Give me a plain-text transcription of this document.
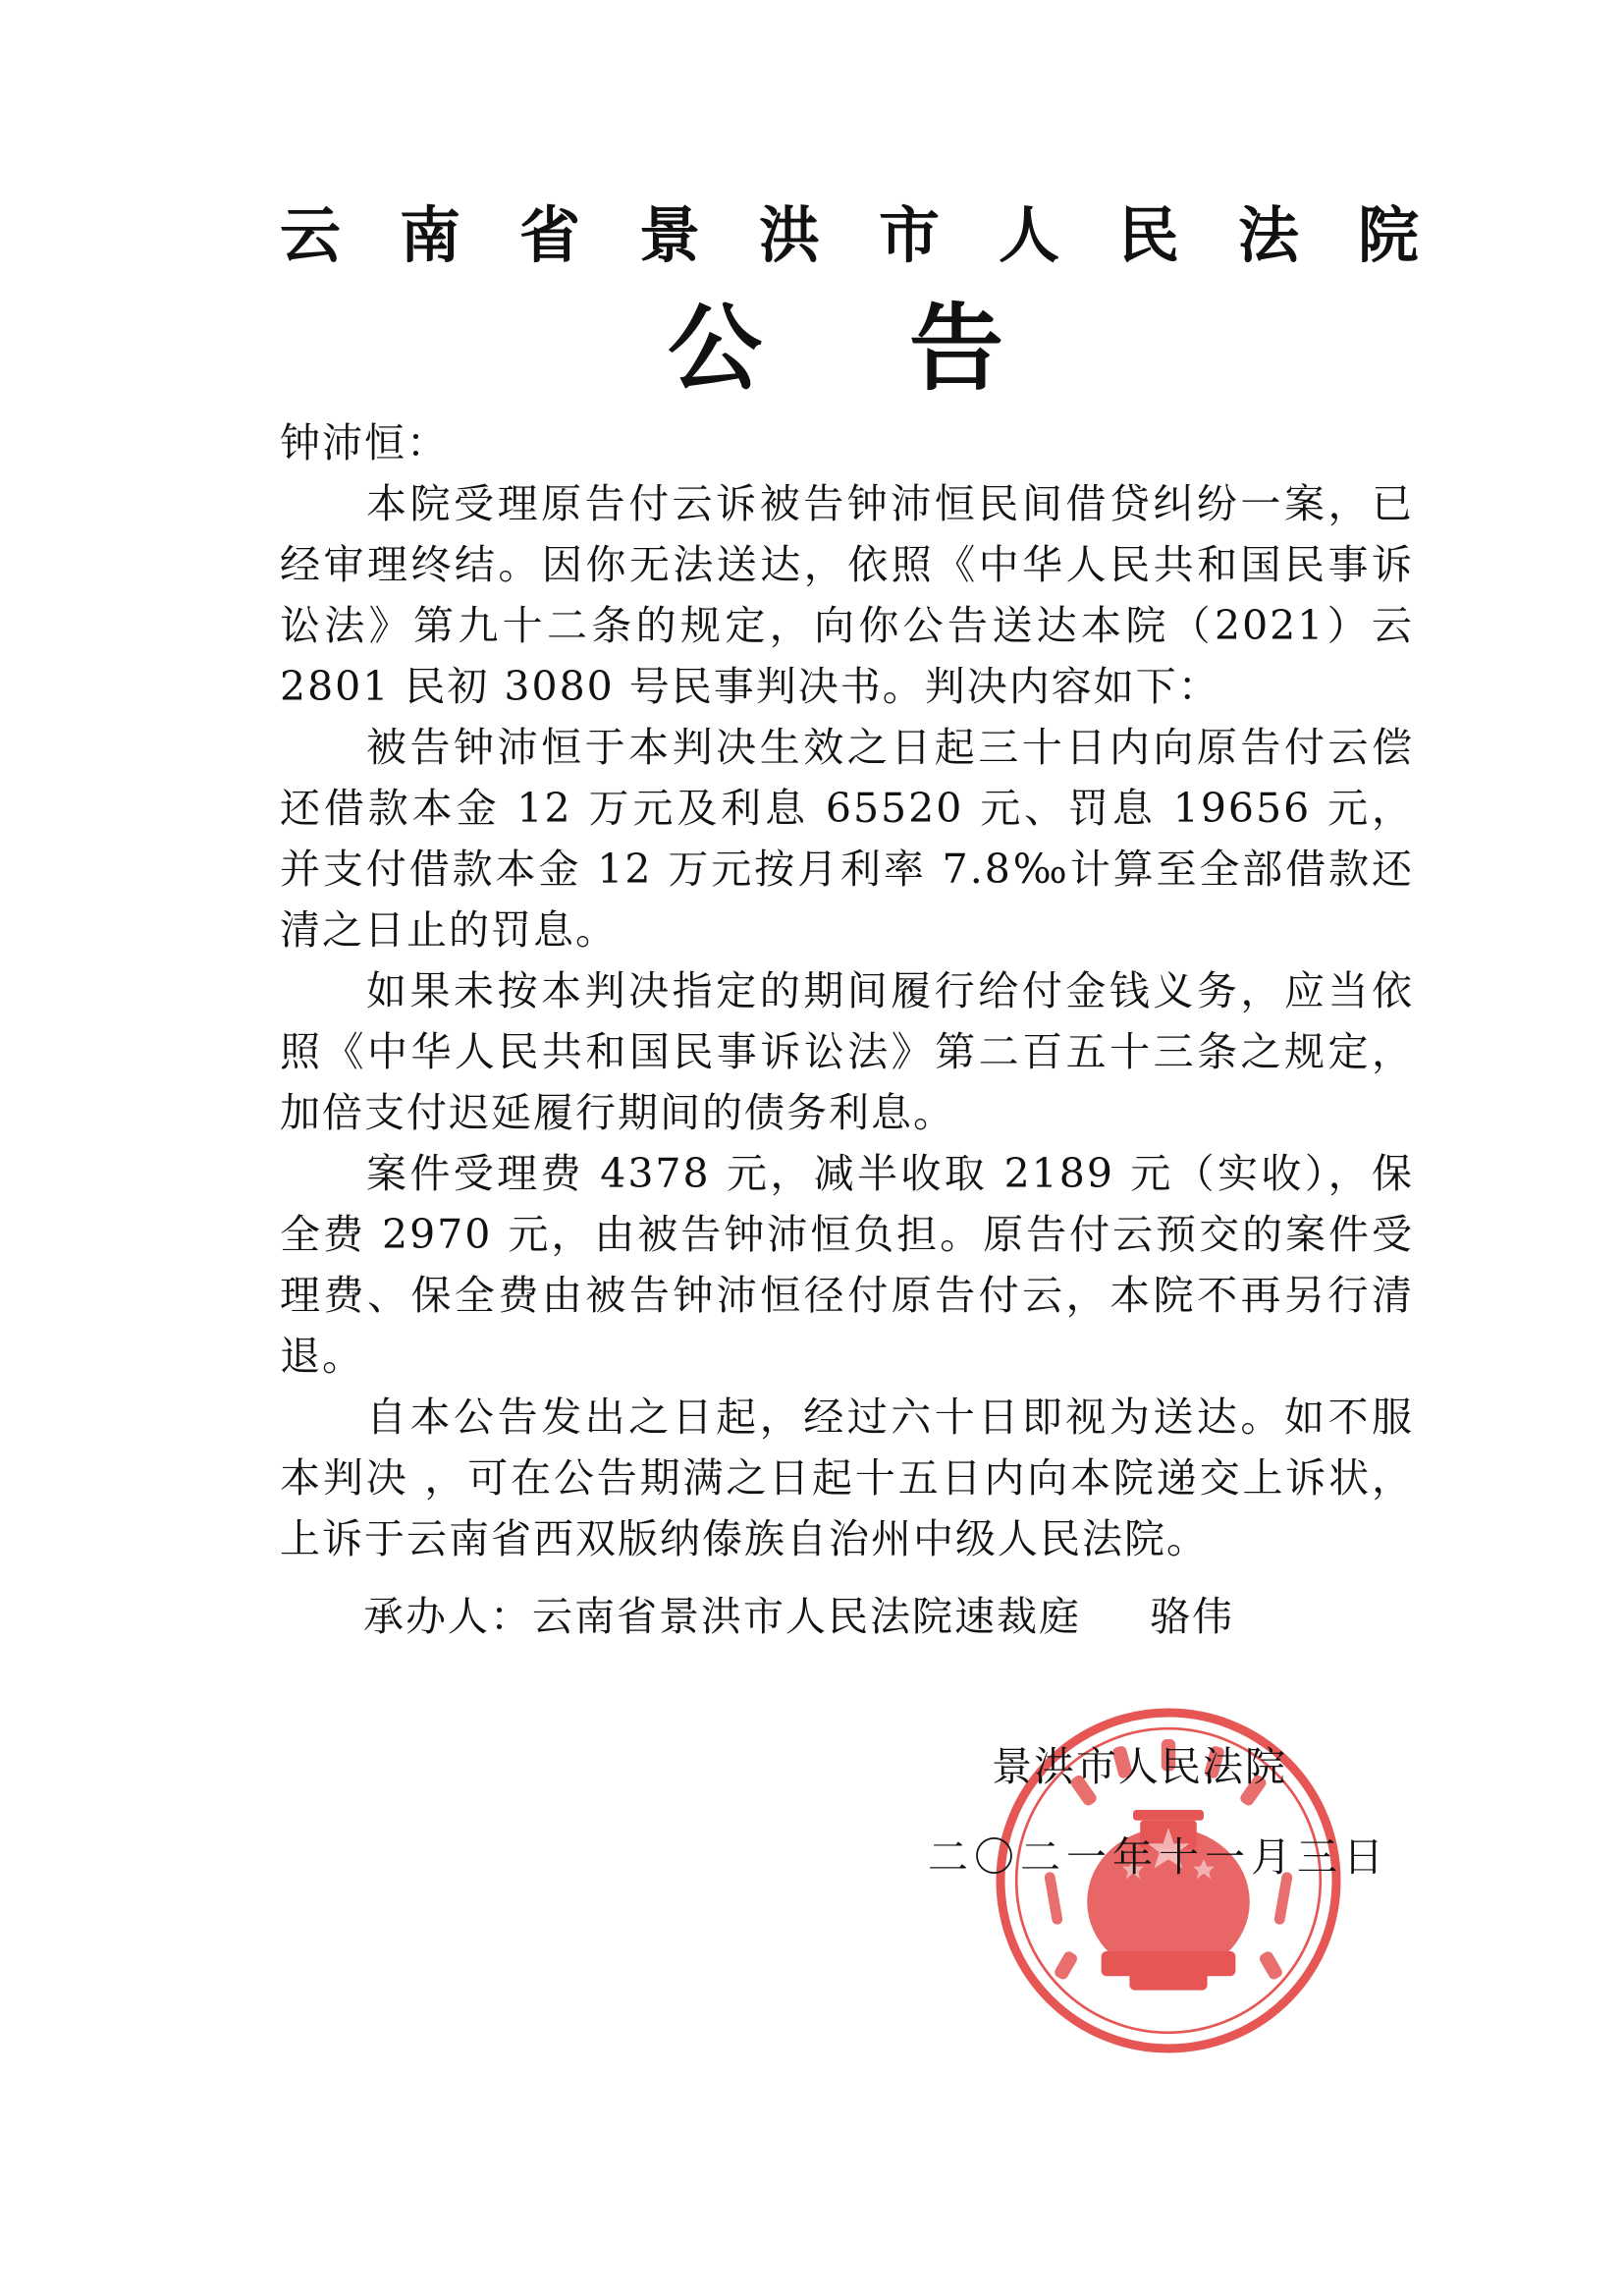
云南省景洪市人民法院
公告

钟沛恒：

本院受理原告付云诉被告钟沛恒民间借贷纠纷一案，已经审理终结。因你无法送达，依照《中华人民共和国民事诉讼法》第九十二条的规定，向你公告送达本院（2021）云 2801 民初 3080 号民事判决书。判决内容如下：

被告钟沛恒于本判决生效之日起三十日内向原告付云偿还借款本金 12 万元及利息 65520 元、罚息 19656 元，并支付借款本金 12 万元按月利率 7.8‰计算至全部借款还清之日止的罚息。

如果未按本判决指定的期间履行给付金钱义务，应当依照《中华人民共和国民事诉讼法》第二百五十三条之规定，加倍支付迟延履行期间的债务利息。

案件受理费 4378 元，减半收取 2189 元（实收），保全费 2970 元，由被告钟沛恒负担。原告付云预交的案件受理费、保全费由被告钟沛恒径付原告付云，本院不再另行清退。

自本公告发出之日起，经过六十日即视为送达。如不服本判决 ，可在公告期满之日起十五日内向本院递交上诉状，上诉于云南省西双版纳傣族自治州中级人民法院。

承办人：云南省景洪市人民法院速裁庭 骆伟
景洪市人民法院
二〇二一年十一月三日
